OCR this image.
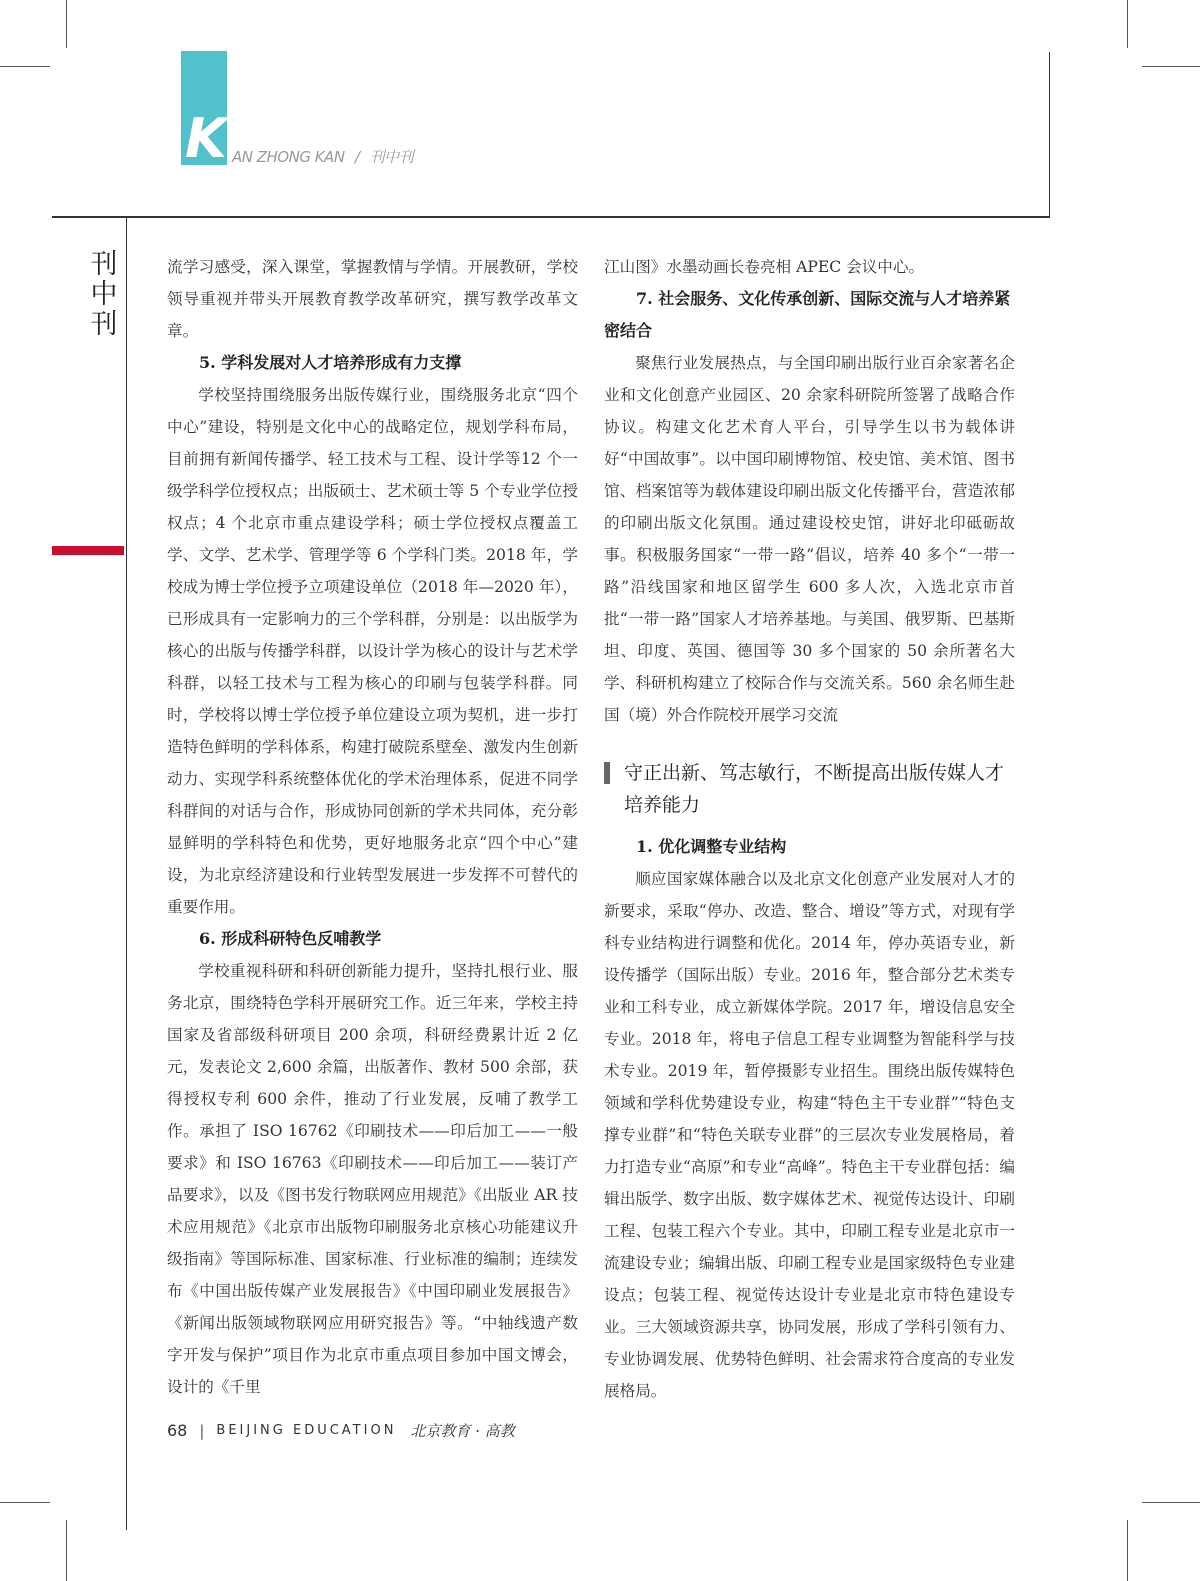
K AN ZHONG KAN / 刊中刊
刊
中
刊

流学习感受，深入课堂，掌握教情与学情。开展教研，学校领导重视并带头开展教育教学改革研究，撰写教学改革文章。

5. 学科发展对人才培养形成有力支撑

学校坚持围绕服务出版传媒行业，围绕服务北京“四个中心”建设，特别是文化中心的战略定位，规划学科布局，目前拥有新闻传播学、轻工技术与工程、设计学等12 个一级学科学位授权点；出版硕士、艺术硕士等 5 个专业学位授权点；4 个北京市重点建设学科；硕士学位授权点覆盖工学、文学、艺术学、管理学等 6 个学科门类。2018 年，学校成为博士学位授予立项建设单位（2018 年—2020 年），已形成具有一定影响力的三个学科群，分别是：以出版学为核心的出版与传播学科群，以设计学为核心的设计与艺术学科群，以轻工技术与工程为核心的印刷与包装学科群。同时，学校将以博士学位授予单位建设立项为契机，进一步打造特色鲜明的学科体系，构建打破院系壁垒、激发内生创新动力、实现学科系统整体优化的学术治理体系，促进不同学科群间的对话与合作，形成协同创新的学术共同体，充分彰显鲜明的学科特色和优势，更好地服务北京“四个中心”建设，为北京经济建设和行业转型发展进一步发挥不可替代的重要作用。

6. 形成科研特色反哺教学

学校重视科研和科研创新能力提升，坚持扎根行业、服务北京，围绕特色学科开展研究工作。近三年来，学校主持国家及省部级科研项目 200 余项，科研经费累计近 2 亿元，发表论文 2,600 余篇，出版著作、教材 500 余部，获得授权专利 600 余件，推动了行业发展，反哺了教学工作。承担了 ISO 16762《印刷技术——印后加工——一般要求》和 ISO 16763《印刷技术——印后加工——装订产品要求》，以及《图书发行物联网应用规范》《出版业 AR 技术应用规范》《北京市出版物印刷服务北京核心功能建议升级指南》等国际标准、国家标准、行业标准的编制；连续发布《中国出版传媒产业发展报告》《中国印刷业发展报告》《新闻出版领域物联网应用研究报告》等。“中轴线遗产数字开发与保护”项目作为北京市重点项目参加中国文博会，设计的《千里

江山图》水墨动画长卷亮相 APEC 会议中心。

7. 社会服务、文化传承创新、国际交流与人才培养紧密结合

聚焦行业发展热点，与全国印刷出版行业百余家著名企业和文化创意产业园区、20 余家科研院所签署了战略合作协议。构建文化艺术育人平台，引导学生以书为载体讲好“中国故事”。以中国印刷博物馆、校史馆、美术馆、图书馆、档案馆等为载体建设印刷出版文化传播平台，营造浓郁的印刷出版文化氛围。通过建设校史馆，讲好北印砥砺故事。积极服务国家“一带一路”倡议，培养 40 多个“一带一路”沿线国家和地区留学生 600 多人次，入选北京市首批“一带一路”国家人才培养基地。与美国、俄罗斯、巴基斯坦、印度、英国、德国等 30 多个国家的 50 余所著名大学、科研机构建立了校际合作与交流关系。560 余名师生赴国（境）外合作院校开展学习交流

守正出新、笃志敏行，不断提高出版传媒人才培养能力

1. 优化调整专业结构

顺应国家媒体融合以及北京文化创意产业发展对人才的新要求，采取“停办、改造、整合、增设”等方式，对现有学科专业结构进行调整和优化。2014 年，停办英语专业，新设传播学（国际出版）专业。2016 年，整合部分艺术类专业和工科专业，成立新媒体学院。2017 年，增设信息安全专业。2018 年，将电子信息工程专业调整为智能科学与技术专业。2019 年，暂停摄影专业招生。围绕出版传媒特色领域和学科优势建设专业，构建“特色主干专业群”“特色支撑专业群”和“特色关联专业群”的三层次专业发展格局，着力打造专业“高原”和专业“高峰”。特色主干专业群包括：编辑出版学、数字出版、数字媒体艺术、视觉传达设计、印刷工程、包装工程六个专业。其中，印刷工程专业是北京市一流建设专业；编辑出版、印刷工程专业是国家级特色专业建设点；包装工程、视觉传达设计专业是北京市特色建设专业。三大领域资源共享，协同发展，形成了学科引领有力、专业协调发展、优势特色鲜明、社会需求符合度高的专业发展格局。

68 | BEIJING EDUCATION 北京教育 · 高教
